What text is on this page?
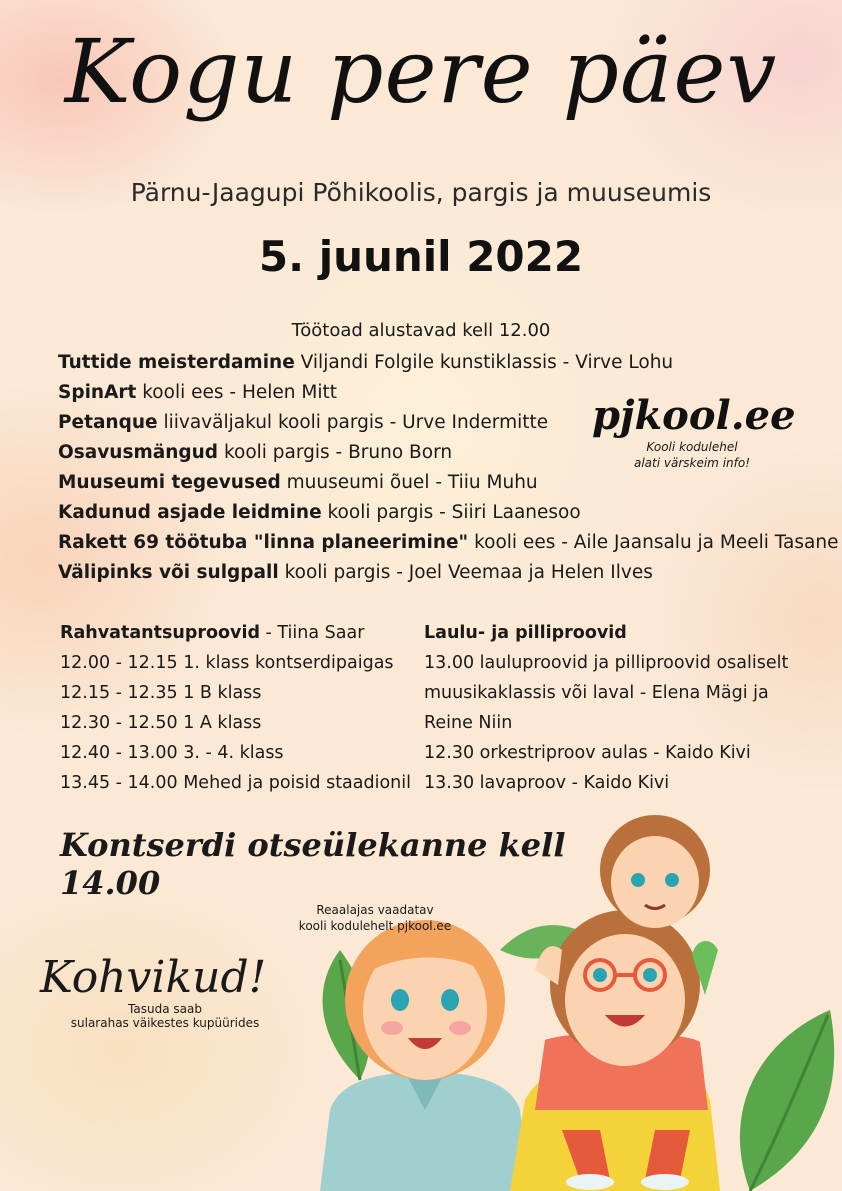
Kogu pere päev
Pärnu-Jaagupi Põhikoolis, pargis ja muuseumis
5. juunil 2022
Töötoad alustavad kell 12.00
Tuttide meisterdamine Viljandi Folgile kunstiklassis - Virve Lohu
SpinArt kooli ees - Helen Mitt
Petanque liivaväljakul kooli pargis - Urve Indermitte
Osavusmängud kooli pargis - Bruno Born
Muuseumi tegevused muuseumi õuel - Tiiu Muhu
Kadunud asjade leidmine kooli pargis - Siiri Laanesoo
Rakett 69 töötuba "linna planeerimine" kooli ees - Aile Jaansalu ja Meeli Tasane
Välipinks või sulgpall kooli pargis - Joel Veemaa ja Helen Ilves
pjkool.ee
Kooli kodulehel
alati värskeim info!
Rahvatantsuproovid - Tiina Saar
12.00 - 12.15 1. klass kontserdipaigas
12.15 - 12.35 1 B klass
12.30 - 12.50 1 A klass
12.40 - 13.00 3. - 4. klass
13.45 - 14.00 Mehed ja poisid staadionil
Laulu- ja pilliproovid
13.00 lauluproovid ja pilliproovid osaliselt
muusikaklassis või laval - Elena Mägi ja
Reine Niin
12.30 orkestriproov aulas - Kaido Kivi
13.30 lavaproov - Kaido Kivi
Kontserdi otseülekanne kell 14.00
Reaalajas vaadatav
kooli kodulehelt pjkool.ee
Kohvikud!
Tasuda saab
sularahas väikestes kupüürides
